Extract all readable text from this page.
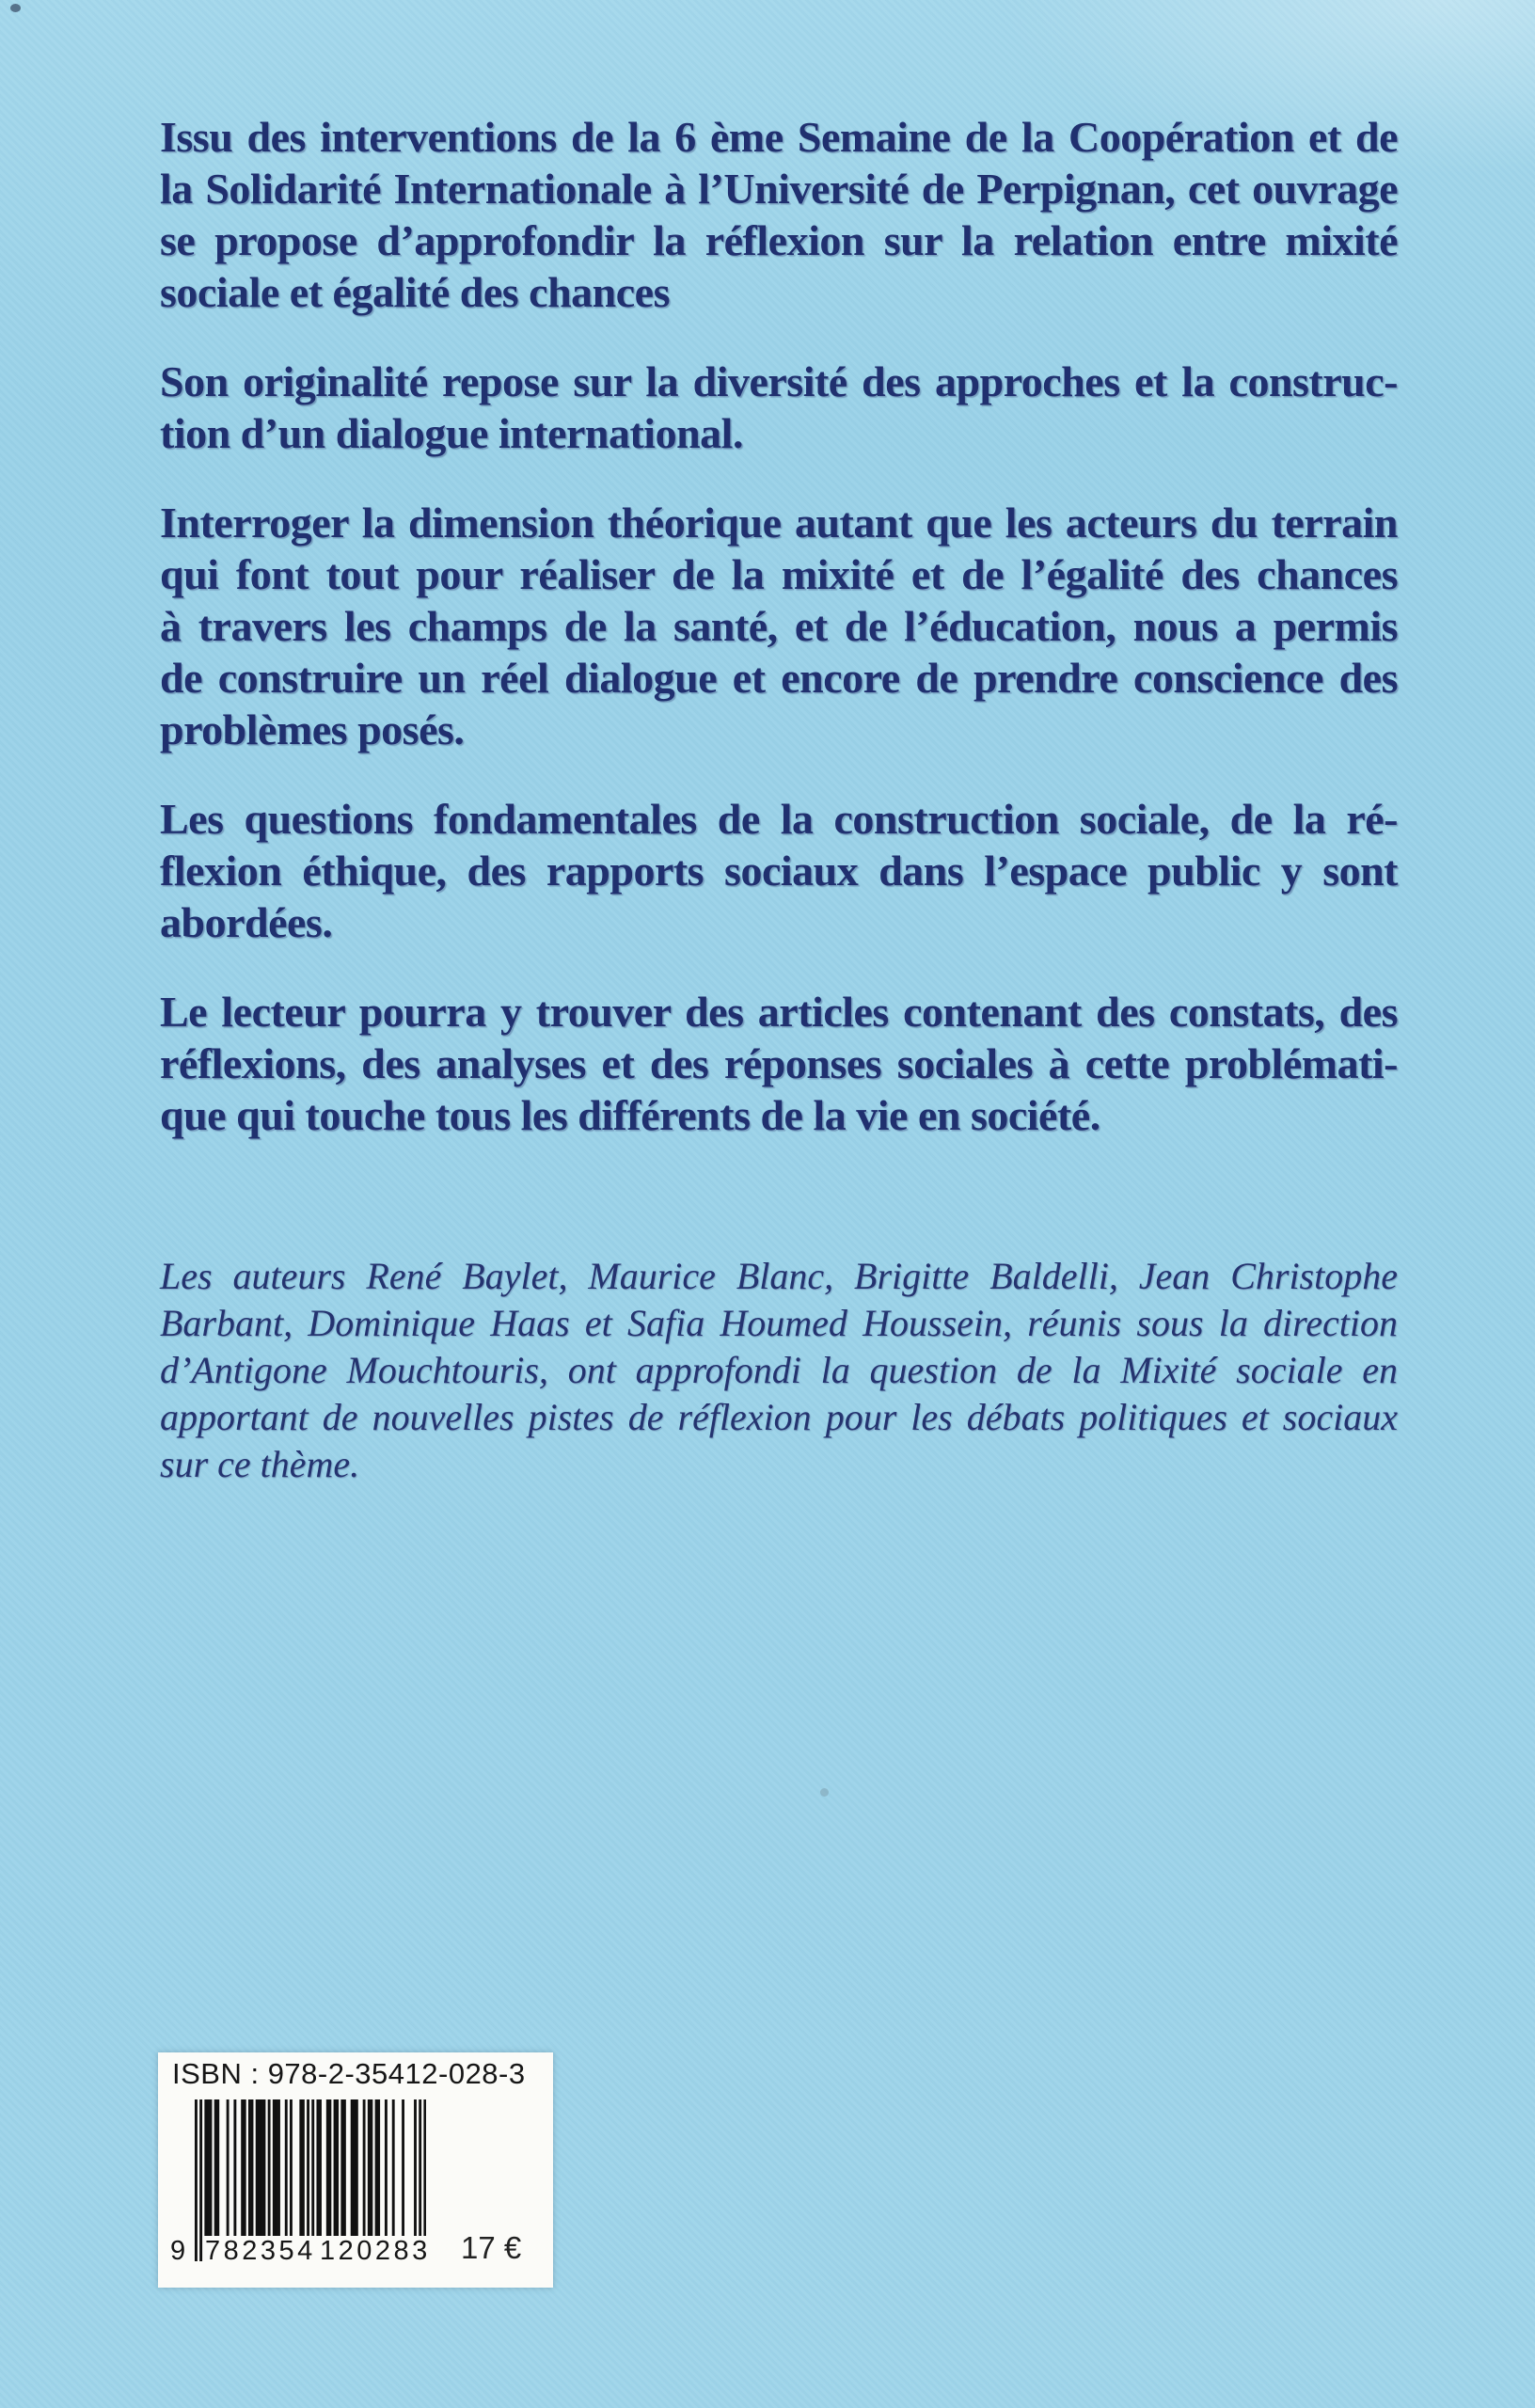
Issu des interventions de la 6 ème Semaine de la Coopération et de
la Solidarité Internationale à l’Université de Perpignan, cet ouvrage
se propose d’approfondir la réflexion sur la relation entre mixité
sociale et égalité des chances
Son originalité repose sur la diversité des approches et la construc-
tion d’un dialogue international.
Interroger la dimension théorique autant que les acteurs du terrain
qui font tout pour réaliser de la mixité et de l’égalité des chances
à travers les champs de la santé, et de l’éducation, nous a permis
de construire un réel dialogue et encore de prendre conscience des
problèmes posés.
Les questions fondamentales de la construction sociale, de la ré-
flexion éthique, des rapports sociaux dans l’espace public y sont
abordées.
Le lecteur pourra y trouver des articles contenant des constats, des
réflexions, des analyses et des réponses sociales à cette problémati-
que qui touche tous les différents de la vie en société.
Les auteurs René Baylet, Maurice Blanc, Brigitte Baldelli, Jean Christophe
Barbant, Dominique Haas et Safia Houmed Houssein, réunis sous la direction
d’Antigone Mouchtouris, ont approfondi la question de la Mixité sociale en
apportant de nouvelles pistes de réflexion pour les débats politiques et sociaux
sur ce thème.
ISBN : 978-2-35412-028-3
9 782354 120283 17 €
